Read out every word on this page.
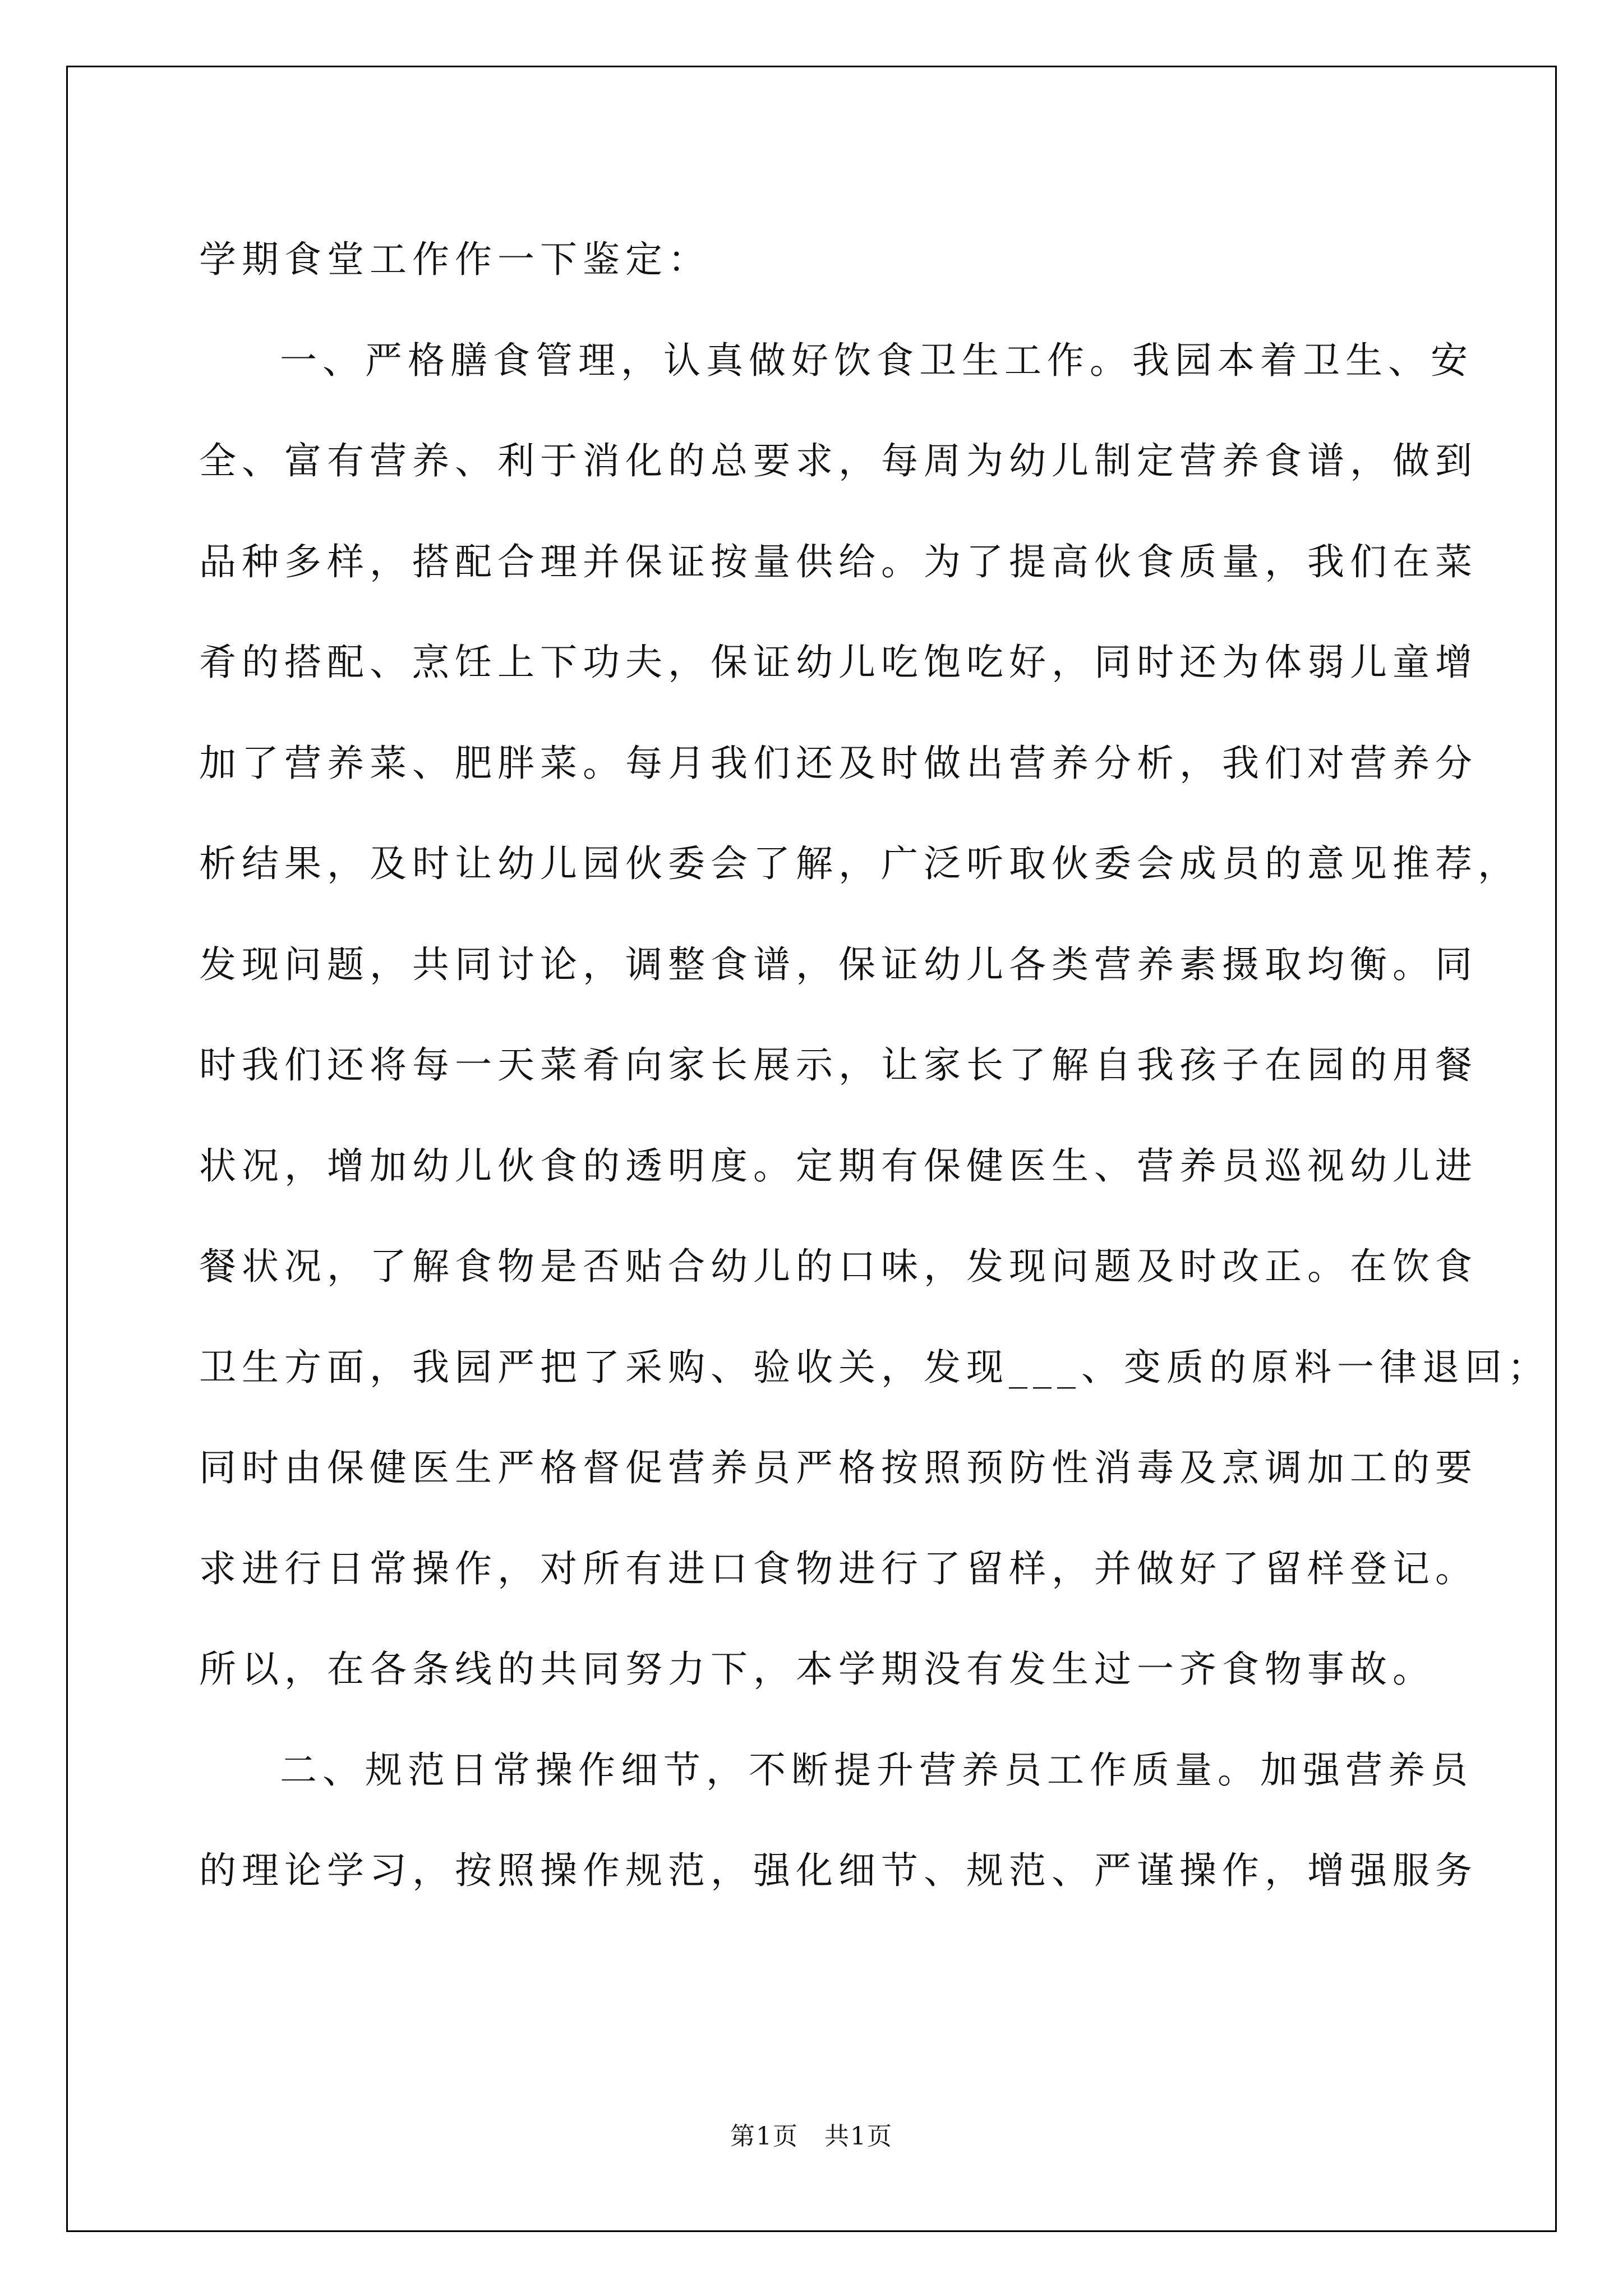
学期食堂工作作一下鉴定：
一、严格膳食管理，认真做好饮食卫生工作。我园本着卫生、安
全、富有营养、利于消化的总要求，每周为幼儿制定营养食谱，做到
品种多样，搭配合理并保证按量供给。为了提高伙食质量，我们在菜
肴的搭配、烹饪上下功夫，保证幼儿吃饱吃好，同时还为体弱儿童增
加了营养菜、肥胖菜。每月我们还及时做出营养分析，我们对营养分
析结果，及时让幼儿园伙委会了解，广泛听取伙委会成员的意见推荐，
发现问题，共同讨论，调整食谱，保证幼儿各类营养素摄取均衡。同
时我们还将每一天菜肴向家长展示，让家长了解自我孩子在园的用餐
状况，增加幼儿伙食的透明度。定期有保健医生、营养员巡视幼儿进
餐状况，了解食物是否贴合幼儿的口味，发现问题及时改正。在饮食
卫生方面，我园严把了采购、验收关，发现___、变质的原料一律退回；
同时由保健医生严格督促营养员严格按照预防性消毒及烹调加工的要
求进行日常操作，对所有进口食物进行了留样，并做好了留样登记。
所以，在各条线的共同努力下，本学期没有发生过一齐食物事故。
二、规范日常操作细节，不断提升营养员工作质量。加强营养员
的理论学习，按照操作规范，强化细节、规范、严谨操作，增强服务
第1页 共1页
